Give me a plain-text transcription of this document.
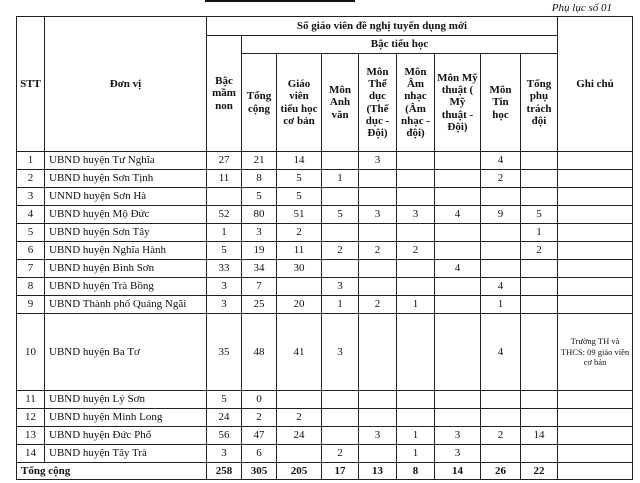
Phụ lục số 01
STT	Đơn vị	Số giáo viên đề nghị tuyển dụng mới									Ghi chú
		Bậc mầm non	Bậc tiểu học								
			Tổng cộng	Giáo viên tiểu học cơ bản	Môn Anh văn	Môn Thể dục (Thể dục - Đội)	Môn Âm nhạc (Âm nhạc - đội)	Môn Mỹ thuật ( Mỹ thuật - Đội)	Môn Tin học	Tổng phụ trách đội	
1	UBND huyện Tư Nghĩa	27	21	14		3			4		
2	UBND huyện Sơn Tịnh	11	8	5	1				2		
3	UNND huyện Sơn Hà		5	5							
4	UBND huyện Mộ Đức	52	80	51	5	3	3	4	9	5	
5	UBND huyện Sơn Tây	1	3	2						1	
6	UBND huyện Nghĩa Hành	5	19	11	2	2	2			2	
7	UBND huyện Bình Sơn	33	34	30				4			
8	UBND huyện Trà Bồng	3	7		3				4		
9	UBND Thành phố Quảng Ngãi	3	25	20	1	2	1		1		
10	UBND huyện Ba Tơ	35	48	41	3				4		Trường TH và THCS: 09 giáo viên cơ bản
11	UBND huyện Lý Sơn	5	0								
12	UBND huyện Minh Long	24	2	2							
13	UBND huyện Đức Phổ	56	47	24		3	1	3	2	14	
14	UBND huyện Tây Trà	3	6		2		1	3			
Tổng cộng		258	305	205	17	13	8	14	26	22	
